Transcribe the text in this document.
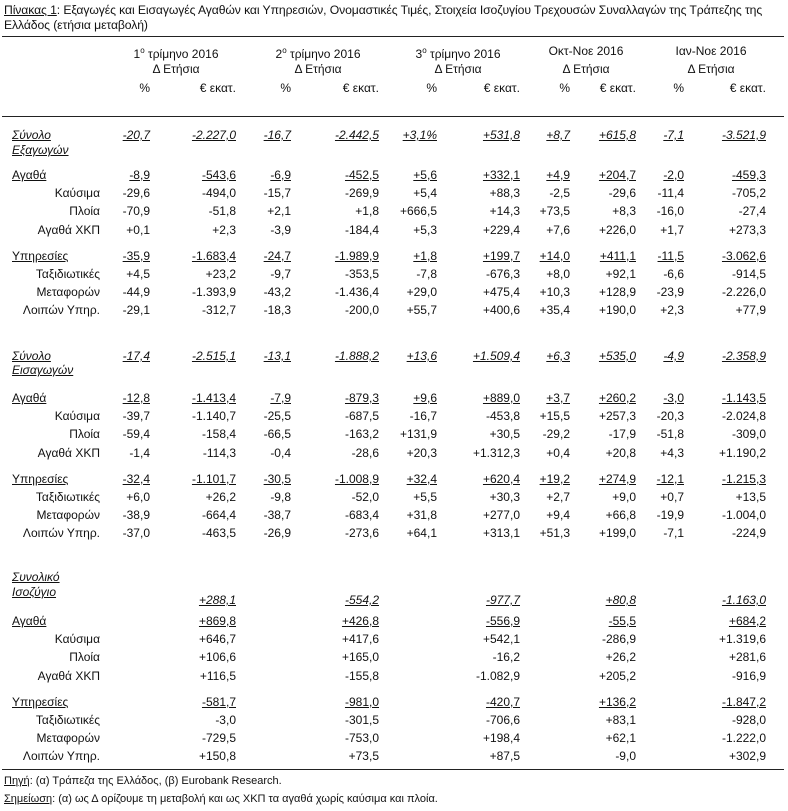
Πίνακας 1: Εξαγωγές και Εισαγωγές Αγαθών και Υπηρεσιών, Ονομαστικές Τιμές, Στοιχεία Ισοζυγίου Τρεχουσών Συναλλαγών της Τράπεζης της Ελλάδος (ετήσια μεταβολή)
$1^o$ τρίμηνο 2016
Δ Ετήσια
%	€ εκατ.
$2^o$ τρίμηνο 2016
Δ Ετήσια
%	€ εκατ.
$3^o$ τρίμηνο 2016
Δ Ετήσια
%	€ εκατ.
Οκτ-Νοε 2016
Δ Ετήσια
%	€ εκατ.
Ιαν-Νοε 2016
Δ Ετήσια
%	€ εκατ.
Σύνολο
Εξαγωγών
-20,7	-2.227,0	-16,7	-2.442,5	+3,1%	+531,8	+8,7	+615,8	-7,1	-3.521,9
Αγαθά	-8,9	-543,6	-6,9	-452,5	+5,6	+332,1	+4,9	+204,7	-2,0	-459,3
Καύσιμα	-29,6	-494,0	-15,7	-269,9	+5,4	+88,3	-2,5	-29,6	-11,4	-705,2
Πλοία	-70,9	-51,8	+2,1	+1,8	+666,5	+14,3	+73,5	+8,3	-16,0	-27,4
Αγαθά ΧΚΠ	+0,1	+2,3	-3,9	-184,4	+5,3	+229,4	+7,6	+226,0	+1,7	+273,3
Υπηρεσίες	-35,9	-1.683,4	-24,7	-1.989,9	+1,8	+199,7	+14,0	+411,1	-11,5	-3.062,6
Ταξιδιωτικές	+4,5	+23,2	-9,7	-353,5	-7,8	-676,3	+8,0	+92,1	-6,6	-914,5
Μεταφορών	-44,9	-1.393,9	-43,2	-1.436,4	+29,0	+475,4	+10,3	+128,9	-23,9	-2.226,0
Λοιπών Υπηρ.	-29,1	-312,7	-18,3	-200,0	+55,7	+400,6	+35,4	+190,0	+2,3	+77,9
Σύνολο
Εισαγωγών
-17,4	-2.515,1	-13,1	-1.888,2	+13,6	+1.509,4	+6,3	+535,0	-4,9	-2.358,9
Αγαθά	-12,8	-1.413,4	-7,9	-879,3	+9,6	+889,0	+3,7	+260,2	-3,0	-1.143,5
Καύσιμα	-39,7	-1.140,7	-25,5	-687,5	-16,7	-453,8	+15,5	+257,3	-20,3	-2.024,8
Πλοία	-59,4	-158,4	-66,5	-163,2	+131,9	+30,5	-29,2	-17,9	-51,8	-309,0
Αγαθά ΧΚΠ	-1,4	-114,3	-0,4	-28,6	+20,3	+1.312,3	+0,4	+20,8	+4,3	+1.190,2
Υπηρεσίες	-32,4	-1.101,7	-30,5	-1.008,9	+32,4	+620,4	+19,2	+274,9	-12,1	-1.215,3
Ταξιδιωτικές	+6,0	+26,2	-9,8	-52,0	+5,5	+30,3	+2,7	+9,0	+0,7	+13,5
Μεταφορών	-38,9	-664,4	-38,7	-683,4	+31,8	+277,0	+9,4	+66,8	-19,9	-1.004,0
Λοιπών Υπηρ.	-37,0	-463,5	-26,9	-273,6	+64,1	+313,1	+51,3	+199,0	-7,1	-224,9
Συνολικό
Ισοζύγιο
+288,1	-554,2	-977,7	+80,8	-1.163,0
Αγαθά	+869,8	+426,8	-556,9	-55,5	+684,2
Καύσιμα	+646,7	+417,6	+542,1	-286,9	+1.319,6
Πλοία	+106,6	+165,0	-16,2	+26,2	+281,6
Αγαθά ΧΚΠ	+116,5	-155,8	-1.082,9	+205,2	-916,9
Υπηρεσίες	-581,7	-981,0	-420,7	+136,2	-1.847,2
Ταξιδιωτικές	-3,0	-301,5	-706,6	+83,1	-928,0
Μεταφορών	-729,5	-753,0	+198,4	+62,1	-1.222,0
Λοιπών Υπηρ.	+150,8	+73,5	+87,5	-9,0	+302,9
Πηγή: (α) Τράπεζα της Ελλάδος, (β) Eurobank Research.
Σημείωση: (α) ως Δ ορίζουμε τη μεταβολή και ως ΧΚΠ τα αγαθά χωρίς καύσιμα και πλοία.
